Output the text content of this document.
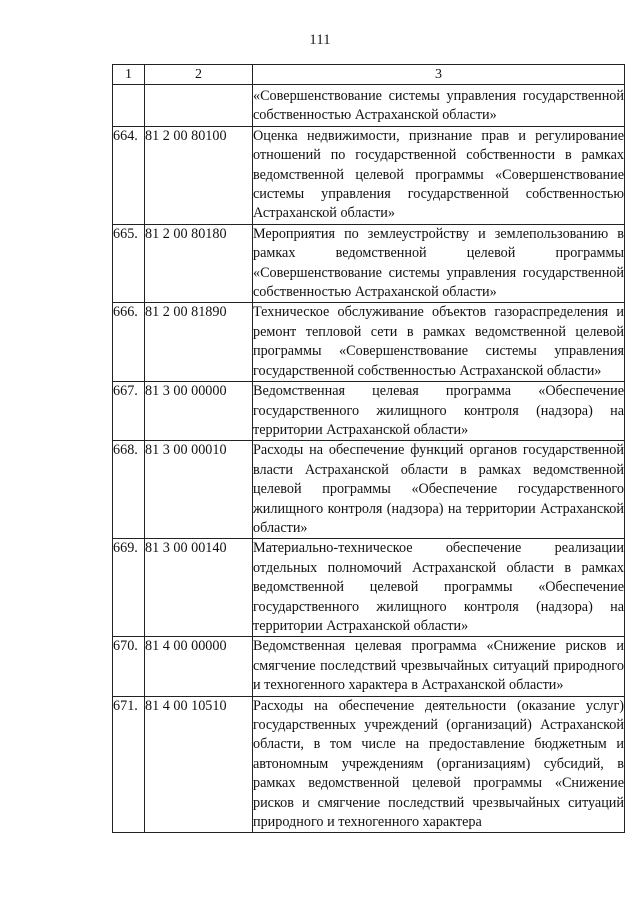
111
1	2	3
		«Совершенствование системы управления государственной собственностью Астраханской области»
664.	81 2 00 80100	Оценка недвижимости, признание прав и регулирование отношений по государственной собственности в рамках ведомственной целевой программы «Совершенствование системы управления государственной собственностью Астраханской области»
665.	81 2 00 80180	Мероприятия по землеустройству и землепользованию в рамках ведомственной целевой программы «Совершенствование системы управления государственной собственностью Астраханской области»
666.	81 2 00 81890	Техническое обслуживание объектов газораспределения и ремонт тепловой сети в рамках ведомственной целевой программы «Совершенствование системы управления государственной собственностью Астраханской области»
667.	81 3 00 00000	Ведомственная целевая программа «Обеспечение государственного жилищного контроля (надзора) на территории Астраханской области»
668.	81 3 00 00010	Расходы на обеспечение функций органов государственной власти Астраханской области в рамках ведомственной целевой программы «Обеспечение государственного жилищного контроля (надзора) на территории Астраханской области»
669.	81 3 00 00140	Материально-техническое обеспечение реализации отдельных полномочий Астраханской области в рамках ведомственной целевой программы «Обеспечение государственного жилищного контроля (надзора) на территории Астраханской области»
670.	81 4 00 00000	Ведомственная целевая программа «Снижение рисков и смягчение последствий чрезвычайных ситуаций природного и техногенного характера в Астраханской области»
671.	81 4 00 10510	Расходы на обеспечение деятельности (оказание услуг) государственных учреждений (организаций) Астраханской области, в том числе на предоставление бюджетным и автономным учреждениям (организациям) субсидий, в рамках ведомственной целевой программы «Снижение рисков и смягчение последствий чрезвычайных ситуаций природного и техногенного характера
